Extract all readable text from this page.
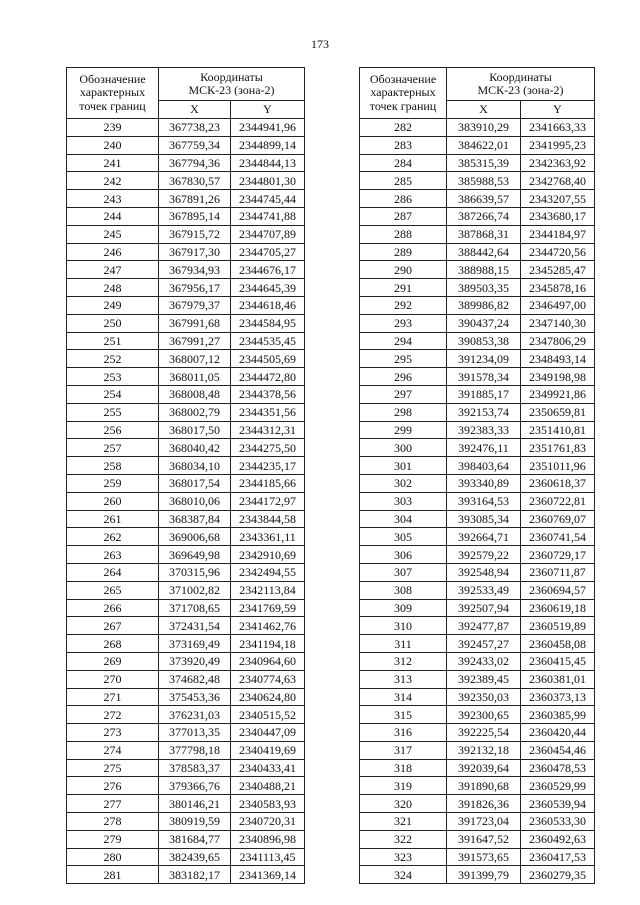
173
Обозначение
характерных
точек границ	Координаты
МСК-23 (зона-2)	
	X	Y
239	367738,23	2344941,96
240	367759,34	2344899,14
241	367794,36	2344844,13
242	367830,57	2344801,30
243	367891,26	2344745,44
244	367895,14	2344741,88
245	367915,72	2344707,89
246	367917,30	2344705,27
247	367934,93	2344676,17
248	367956,17	2344645,39
249	367979,37	2344618,46
250	367991,68	2344584,95
251	367991,27	2344535,45
252	368007,12	2344505,69
253	368011,05	2344472,80
254	368008,48	2344378,56
255	368002,79	2344351,56
256	368017,50	2344312,31
257	368040,42	2344275,50
258	368034,10	2344235,17
259	368017,54	2344185,66
260	368010,06	2344172,97
261	368387,84	2343844,58
262	369006,68	2343361,11
263	369649,98	2342910,69
264	370315,96	2342494,55
265	371002,82	2342113,84
266	371708,65	2341769,59
267	372431,54	2341462,76
268	373169,49	2341194,18
269	373920,49	2340964,60
270	374682,48	2340774,63
271	375453,36	2340624,80
272	376231,03	2340515,52
273	377013,35	2340447,09
274	377798,18	2340419,69
275	378583,37	2340433,41
276	379366,76	2340488,21
277	380146,21	2340583,93
278	380919,59	2340720,31
279	381684,77	2340896,98
280	382439,65	2341113,45
281	383182,17	2341369,14
Обозначение
характерных
точек границ	Координаты
МСК-23 (зона-2)	
	X	Y
282	383910,29	2341663,33
283	384622,01	2341995,23
284	385315,39	2342363,92
285	385988,53	2342768,40
286	386639,57	2343207,55
287	387266,74	2343680,17
288	387868,31	2344184,97
289	388442,64	2344720,56
290	388988,15	2345285,47
291	389503,35	2345878,16
292	389986,82	2346497,00
293	390437,24	2347140,30
294	390853,38	2347806,29
295	391234,09	2348493,14
296	391578,34	2349198,98
297	391885,17	2349921,86
298	392153,74	2350659,81
299	392383,33	2351410,81
300	392476,11	2351761,83
301	398403,64	2351011,96
302	393340,89	2360618,37
303	393164,53	2360722,81
304	393085,34	2360769,07
305	392664,71	2360741,54
306	392579,22	2360729,17
307	392548,94	2360711,87
308	392533,49	2360694,57
309	392507,94	2360619,18
310	392477,87	2360519,89
311	392457,27	2360458,08
312	392433,02	2360415,45
313	392389,45	2360381,01
314	392350,03	2360373,13
315	392300,65	2360385,99
316	392225,54	2360420,44
317	392132,18	2360454,46
318	392039,64	2360478,53
319	391890,68	2360529,99
320	391826,36	2360539,94
321	391723,04	2360533,30
322	391647,52	2360492,63
323	391573,65	2360417,53
324	391399,79	2360279,35
